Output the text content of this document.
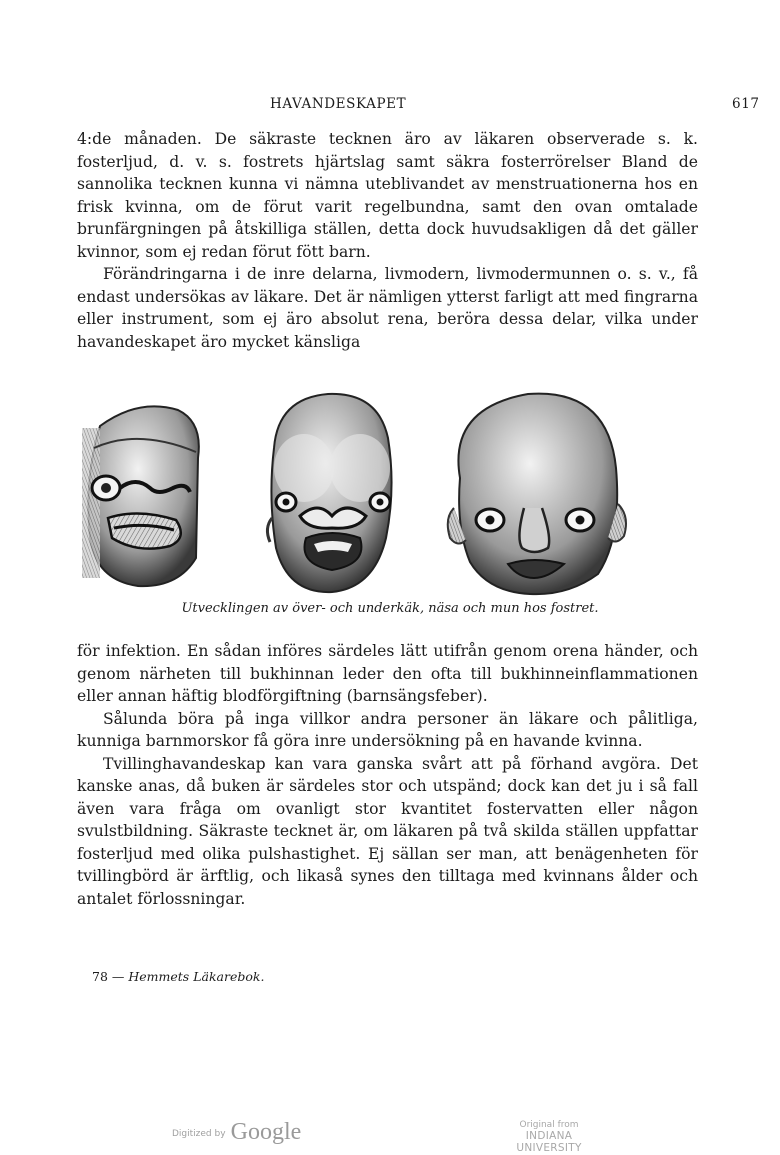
HAVANDESKAPET	617

4:de månaden. De säkraste tecknen äro av läkaren observerade s. k. fosterljud, d. v. s. fostrets hjärtslag samt säkra fosterrörelser Bland de sannolika tecknen kunna vi nämna uteblivandet av menstruationerna hos en frisk kvinna, om de förut varit regelbundna, samt den ovan omtalade brunfärgningen på åtskilliga ställen, detta dock huvudsakligen då det gäller kvinnor, som ej redan förut fött barn.

Förändringarna i de inre delarna, livmodern, livmodermunnen o. s. v., få endast undersökas av läkare. Det är nämligen ytterst farligt att med fingrarna eller instrument, som ej äro absolut rena, beröra dessa delar, vilka under havandeskapet äro mycket känsliga

Utvecklingen av över- och underkäk, näsa och mun hos fostret.

för infektion. En sådan införes särdeles lätt utifrån genom orena händer, och genom närheten till bukhinnan leder den ofta till bukhinneinflammationen eller annan häftig blodförgiftning (barnsängsfeber).

Sålunda böra på inga villkor andra personer än läkare och pålitliga, kunniga barnmorskor få göra inre undersökning på en havande kvinna.

Tvillinghavandeskap kan vara ganska svårt att på förhand avgöra. Det kanske anas, då buken är särdeles stor och utspänd; dock kan det ju i så fall även vara fråga om ovanligt stor kvantitet fostervatten eller någon svulstbildning. Säkraste tecknet är, om läkaren på två skilda ställen uppfattar fosterljud med olika pulshastighet. Ej sällan ser man, att benägenheten för tvillingbörd är ärftlig, och likaså synes den tilltaga med kvinnans ålder och antalet förlossningar.

78 — Hemmets Läkarebok.
Digitized by Google	Original from
INDIANA UNIVERSITY
